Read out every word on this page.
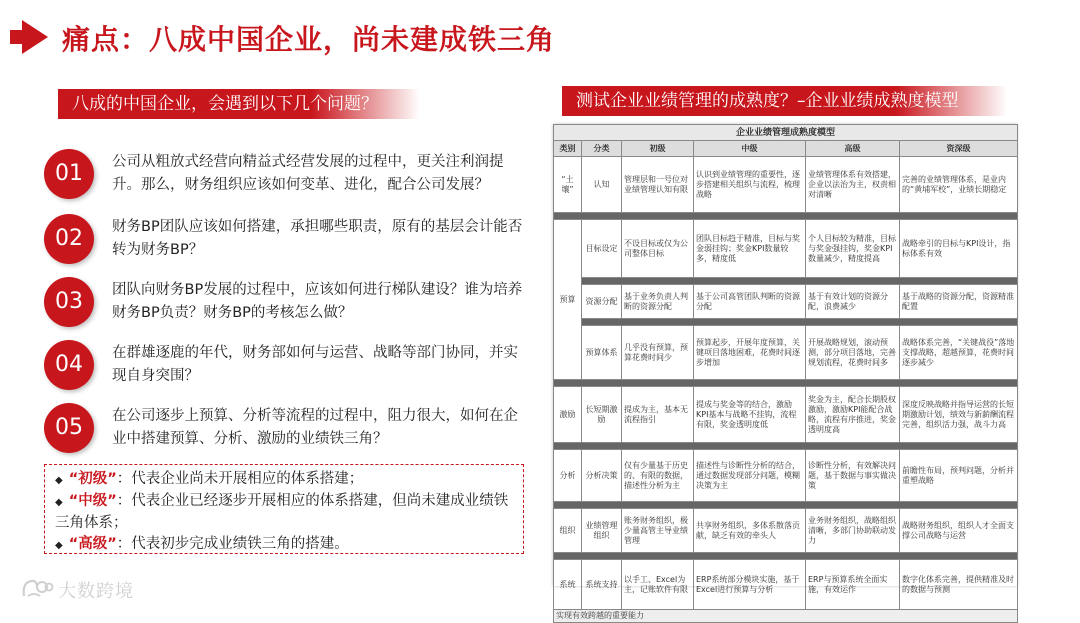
痛点：八成中国企业，尚未建成铁三角
八成的中国企业，会遇到以下几个问题？	测试企业业绩管理的成熟度？–企业业绩成熟度模型
01	公司从粗放式经营向精益式经营发展的过程中，更关注利润提升。那么，财务组织应该如何变革、进化，配合公司发展？
02	财务BP团队应该如何搭建，承担哪些职责，原有的基层会计能否转为财务BP？
03	团队向财务BP发展的过程中，应该如何进行梯队建设？谁为培养财务BP负责？财务BP的考核怎么做？
04	在群雄逐鹿的年代，财务部如何与运营、战略等部门协同，并实现自身突围？
05	在公司逐步上预算、分析等流程的过程中，阻力很大，如何在企业中搭建预算、分析、激励的业绩铁三角？
◆ “初级”：代表企业尚未开展相应的体系搭建；
◆ “中级”：代表企业已经逐步开展相应的体系搭建，但尚未建成业绩铁三角体系；
◆ “高级”：代表初步完成业绩铁三角的搭建。
企业业绩管理成熟度模型					
类别	分类	初级	中级	高级	资深级
“土壤”	认知	管理层和一号位对业绩管理认知有限	认识到业绩管理的重要性，逐步搭建相关组织与流程，梳理战略	业绩管理体系有效搭建，企业以法治为主，权责相对清晰	完善的业绩管理体系，是业内的“黄埔军校”，业绩长期稳定

预算	目标设定	不设目标或仅为公司整体目标	团队目标趋于精准，目标与奖金弱挂钩；奖金KPI数量较多，精度低	个人目标较为精准，目标与奖金强挂钩，奖金KPI数量减少，精度提高	战略牵引的目标与KPI设计，指标体系有效

	资源分配	基于业务负责人判断的资源分配	基于公司高管团队判断的资源分配	基于有效计划的资源分配，浪费减少	基于战略的资源分配，资源精准配置

	预算体系	几乎没有预算，预算花费时间少	预算起步，开展年度预算，关键项目落地困难，花费时间逐步增加	开展战略规划，滚动预测，部分项目落地，完善规划流程，花费时间多	战略体系完善，“关键战役”落地支撑战略，超越预算，花费时间逐步减少

激励	长短期激励	提成为主，基本无流程指引	提成与奖金等的结合，激励KPI基本与战略不挂钩，流程有限，奖金透明度低	奖金为主，配合长期股权激励，激励KPI能配合战略，流程有序推进，奖金透明度高	深度反映战略并指导运营的长短期激励计划，绩效与新薪酬流程完善，组织活力强，战斗力高

分析	分析决策	仅有少量基于历史的、有限的数据，描述性分析为主	描述性与诊断性分析的结合，通过数据发现部分问题，模糊决策为主	诊断性分析，有效解决问题，基于数据与事实做决策	前瞻性布局，预判问题，分析并重塑战略

组织	业绩管理组织	账务财务组织，极少量高管主导业绩管理	共享财务组织，多体系散落贡献，缺乏有效的牵头人	业务财务组织，战略组织清晰，多部门协助联动发力	战略财务组织，组织人才全面支撑公司战略与运营

系统	系统支持	以手工、Excel为主，记账软件有限	ERP系统部分模块实施，基于Excel进行预算与分析	ERP与预算系统全面实施，有效运作	数字化体系完善，提供精准及时的数据与预测
实现有效跨越的重要能力					
大数跨境
